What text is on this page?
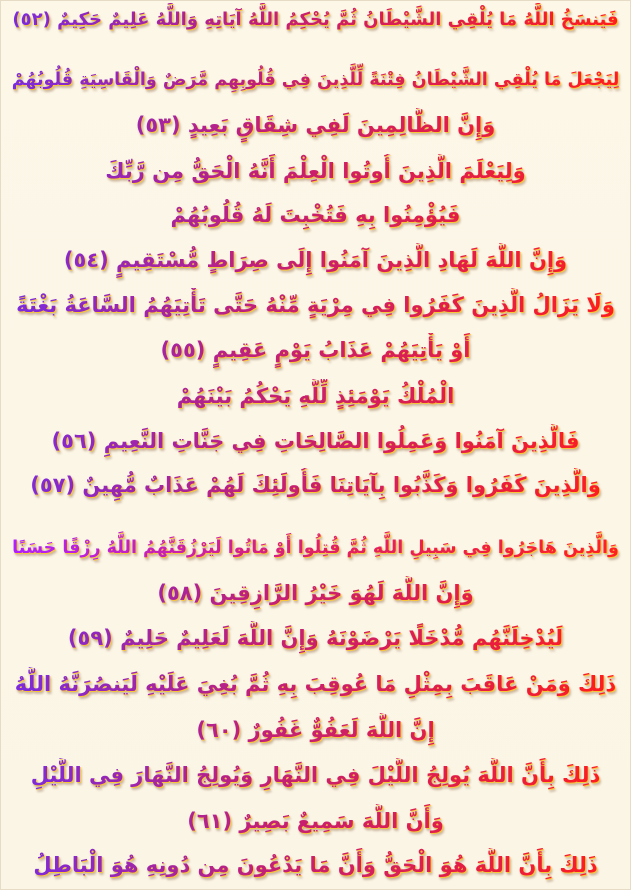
فَيَنسَخُ اللَّهُ مَا يُلْقِي الشَّيْطَانُ ثُمَّ يُحْكِمُ اللَّهُ آيَاتِهِ وَاللَّهُ عَلِيمٌ حَكِيمٌ (٥٢)
لِيَجْعَلَ مَا يُلْقِي الشَّيْطَانُ فِتْنَةً لِّلَّذِينَ فِي قُلُوبِهِم مَّرَضٌ وَالْقَاسِيَةِ قُلُوبُهُمْ
وَإِنَّ الظَّالِمِينَ لَفِي شِقَاقٍ بَعِيدٍ (٥٣)
وَلِيَعْلَمَ الَّذِينَ أُوتُوا الْعِلْمَ أَنَّهُ الْحَقُّ مِن رَّبِّكَ
فَيُؤْمِنُوا بِهِ فَتُخْبِتَ لَهُ قُلُوبُهُمْ
وَإِنَّ اللَّهَ لَهَادِ الَّذِينَ آمَنُوا إِلَى صِرَاطٍ مُّسْتَقِيمٍ (٥٤)
وَلَا يَزَالُ الَّذِينَ كَفَرُوا فِي مِرْيَةٍ مِّنْهُ حَتَّى تَأْتِيَهُمُ السَّاعَةُ بَغْتَةً
أَوْ يَأْتِيَهُمْ عَذَابُ يَوْمٍ عَقِيمٍ (٥٥)
الْمُلْكُ يَوْمَئِذٍ لِّلَّهِ يَحْكُمُ بَيْنَهُمْ
فَالَّذِينَ آمَنُوا وَعَمِلُوا الصَّالِحَاتِ فِي جَنَّاتِ النَّعِيمِ (٥٦)
وَالَّذِينَ كَفَرُوا وَكَذَّبُوا بِآيَاتِنَا فَأُولَئِكَ لَهُمْ عَذَابٌ مُّهِينٌ (٥٧)
وَالَّذِينَ هَاجَرُوا فِي سَبِيلِ اللَّهِ ثُمَّ قُتِلُوا أَوْ مَاتُوا لَيَرْزُقَنَّهُمُ اللَّهُ رِزْقًا حَسَنًا
وَإِنَّ اللَّهَ لَهُوَ خَيْرُ الرَّازِقِينَ (٥٨)
لَيُدْخِلَنَّهُم مُّدْخَلًا يَرْضَوْنَهُ وَإِنَّ اللَّهَ لَعَلِيمٌ حَلِيمٌ (٥٩)
ذَلِكَ وَمَنْ عَاقَبَ بِمِثْلِ مَا عُوقِبَ بِهِ ثُمَّ بُغِيَ عَلَيْهِ لَيَنصُرَنَّهُ اللَّهُ
إِنَّ اللَّهَ لَعَفُوٌّ غَفُورٌ (٦٠)
ذَلِكَ بِأَنَّ اللَّهَ يُولِجُ اللَّيْلَ فِي النَّهَارِ وَيُولِجُ النَّهَارَ فِي اللَّيْلِ
وَأَنَّ اللَّهَ سَمِيعٌ بَصِيرٌ (٦١)
ذَلِكَ بِأَنَّ اللَّهَ هُوَ الْحَقُّ وَأَنَّ مَا يَدْعُونَ مِن دُونِهِ هُوَ الْبَاطِلُ
